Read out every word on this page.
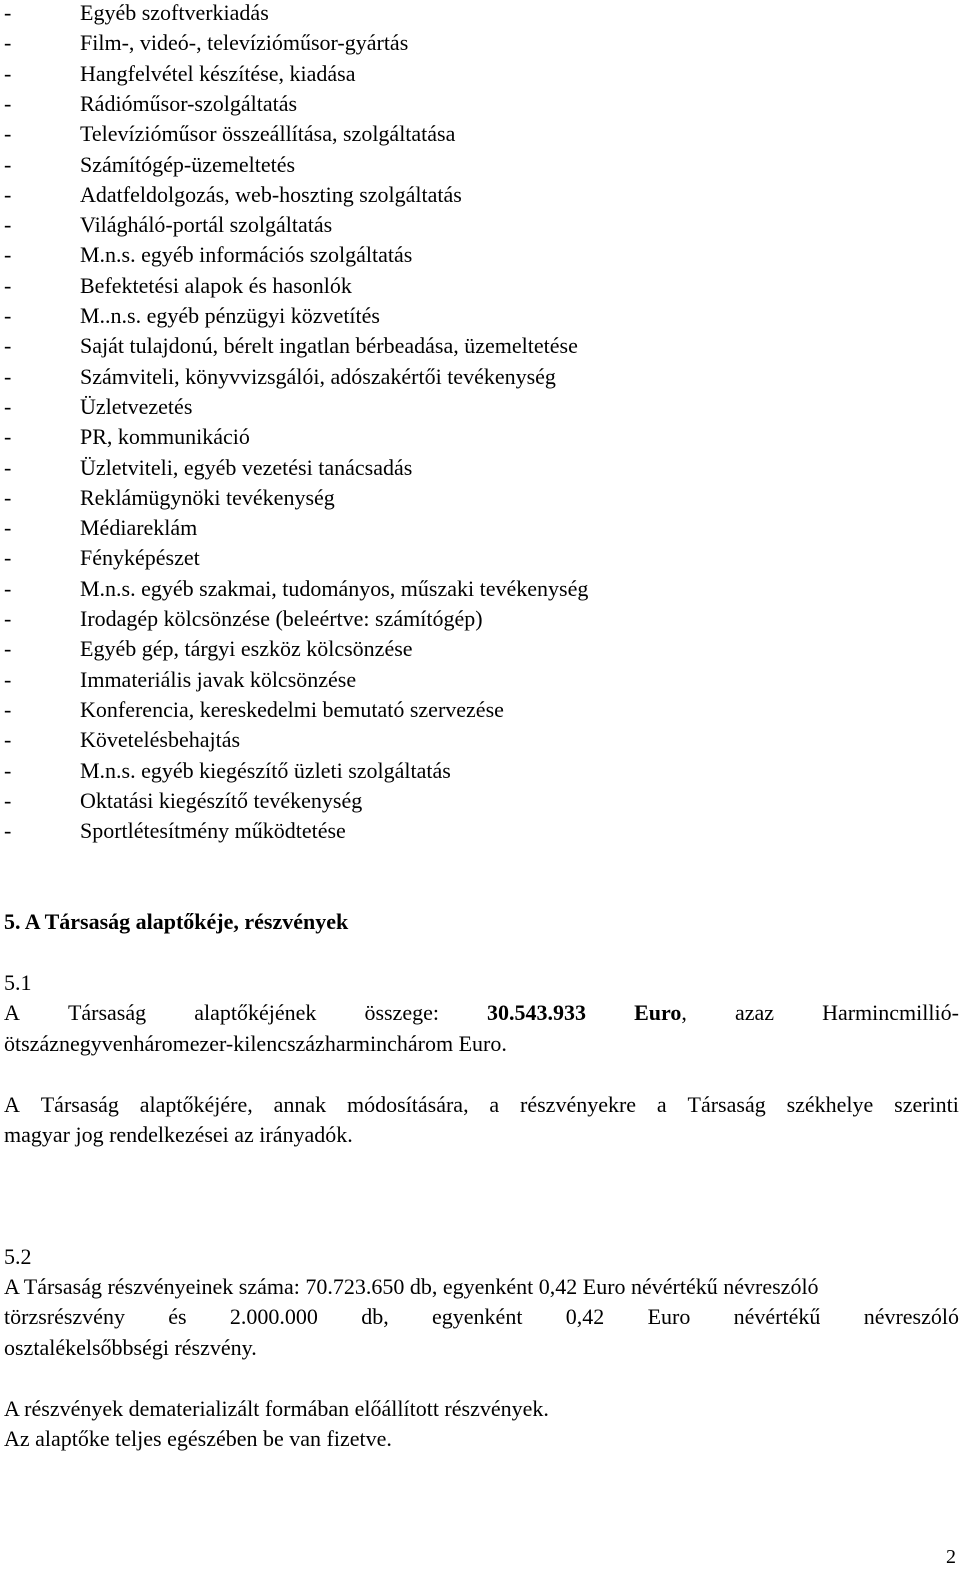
-	Egyéb szoftverkiadás
-	Film-, videó-, televízióműsor-gyártás
-	Hangfelvétel készítése, kiadása
-	Rádióműsor-szolgáltatás
-	Televízióműsor összeállítása, szolgáltatása
-	Számítógép-üzemeltetés
-	Adatfeldolgozás, web-hoszting szolgáltatás
-	Világháló-portál szolgáltatás
-	M.n.s. egyéb információs szolgáltatás
-	Befektetési alapok és hasonlók
-	M..n.s. egyéb pénzügyi közvetítés
-	Saját tulajdonú, bérelt ingatlan bérbeadása, üzemeltetése
-	Számviteli, könyvvizsgálói, adószakértői tevékenység
-	Üzletvezetés
-	PR, kommunikáció
-	Üzletviteli, egyéb vezetési tanácsadás
-	Reklámügynöki tevékenység
-	Médiareklám
-	Fényképészet
-	M.n.s. egyéb szakmai, tudományos, műszaki tevékenység
-	Irodagép kölcsönzése (beleértve: számítógép)
-	Egyéb gép, tárgyi eszköz kölcsönzése
-	Immateriális javak kölcsönzése
-	Konferencia, kereskedelmi bemutató szervezése
-	Követelésbehajtás
-	M.n.s. egyéb kiegészítő üzleti szolgáltatás
-	Oktatási kiegészítő tevékenység
-	Sportlétesítmény működtetése
5. A Társaság alaptőkéje, részvények
5.1
A Társaság alaptőkéjének összege: 30.543.933 Euro, azaz Harmincmillió-
ötszáznegyvenháromezer-kilencszázharminchárom Euro.
A Társaság alaptőkéjére, annak módosítására, a részvényekre a Társaság székhelye szerinti
magyar jog rendelkezései az irányadók.
5.2
A Társaság részvényeinek száma: 70.723.650 db, egyenként 0,42 Euro névértékű névreszóló
törzsrészvény és 2.000.000 db, egyenként 0,42 Euro névértékű névreszóló
osztalékelsőbbségi részvény.
A részvények dematerializált formában előállított részvények.
Az alaptőke teljes egészében be van fizetve.
2
